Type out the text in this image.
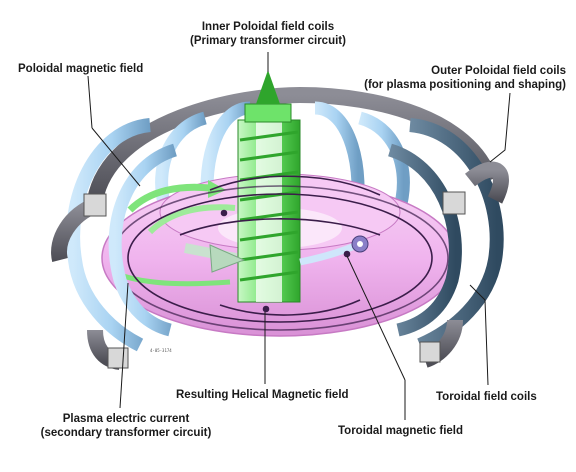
Inner Poloidal field coils
(Primary transformer circuit)
Poloidal magnetic field	Outer Poloidal field coils
(for plasma positioning and shaping)
Resulting Helical Magnetic field	Toroidal field coils
Plasma electric current
(secondary transformer circuit)	Toroidal magnetic field
4-05-3174
